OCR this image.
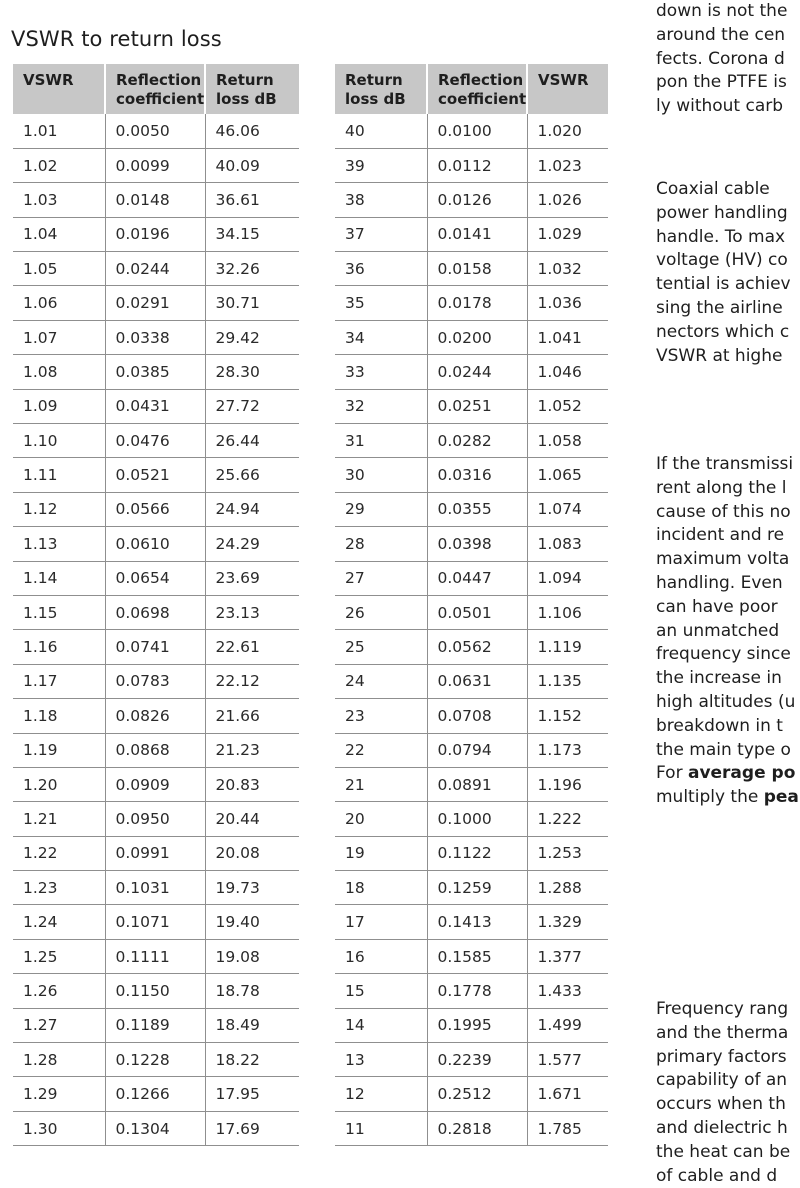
VSWR to return loss
VSWR	Reflection coefficient	Return loss dB
1.01	0.0050	46.06
1.02	0.0099	40.09
1.03	0.0148	36.61
1.04	0.0196	34.15
1.05	0.0244	32.26
1.06	0.0291	30.71
1.07	0.0338	29.42
1.08	0.0385	28.30
1.09	0.0431	27.72
1.10	0.0476	26.44
1.11	0.0521	25.66
1.12	0.0566	24.94
1.13	0.0610	24.29
1.14	0.0654	23.69
1.15	0.0698	23.13
1.16	0.0741	22.61
1.17	0.0783	22.12
1.18	0.0826	21.66
1.19	0.0868	21.23
1.20	0.0909	20.83
1.21	0.0950	20.44
1.22	0.0991	20.08
1.23	0.1031	19.73
1.24	0.1071	19.40
1.25	0.1111	19.08
1.26	0.1150	18.78
1.27	0.1189	18.49
1.28	0.1228	18.22
1.29	0.1266	17.95
1.30	0.1304	17.69
Return loss dB	Reflection coefficient	VSWR
40	0.0100	1.020
39	0.0112	1.023
38	0.0126	1.026
37	0.0141	1.029
36	0.0158	1.032
35	0.0178	1.036
34	0.0200	1.041
33	0.0244	1.046
32	0.0251	1.052
31	0.0282	1.058
30	0.0316	1.065
29	0.0355	1.074
28	0.0398	1.083
27	0.0447	1.094
26	0.0501	1.106
25	0.0562	1.119
24	0.0631	1.135
23	0.0708	1.152
22	0.0794	1.173
21	0.0891	1.196
20	0.1000	1.222
19	0.1122	1.253
18	0.1259	1.288
17	0.1413	1.329
16	0.1585	1.377
15	0.1778	1.433
14	0.1995	1.499
13	0.2239	1.577
12	0.2512	1.671
11	0.2818	1.785
down is not the
around the cen
fects. Corona d
pon the PTFE is
ly without carb
Coaxial cable
power handling
handle. To max
voltage (HV) co
tential is achiev
sing the airline
nectors which c
VSWR at highe
If the transmissi
rent along the l
cause of this no
incident and re
maximum volta
handling. Even
can have poor
an unmatched
frequency since
the increase in
high altitudes (u
breakdown in t
the main type o
Frequency rang
and the therma
primary factors
capability of an
occurs when th
and dielectric h
the heat can be
of cable and d
For average po
multiply the pea
